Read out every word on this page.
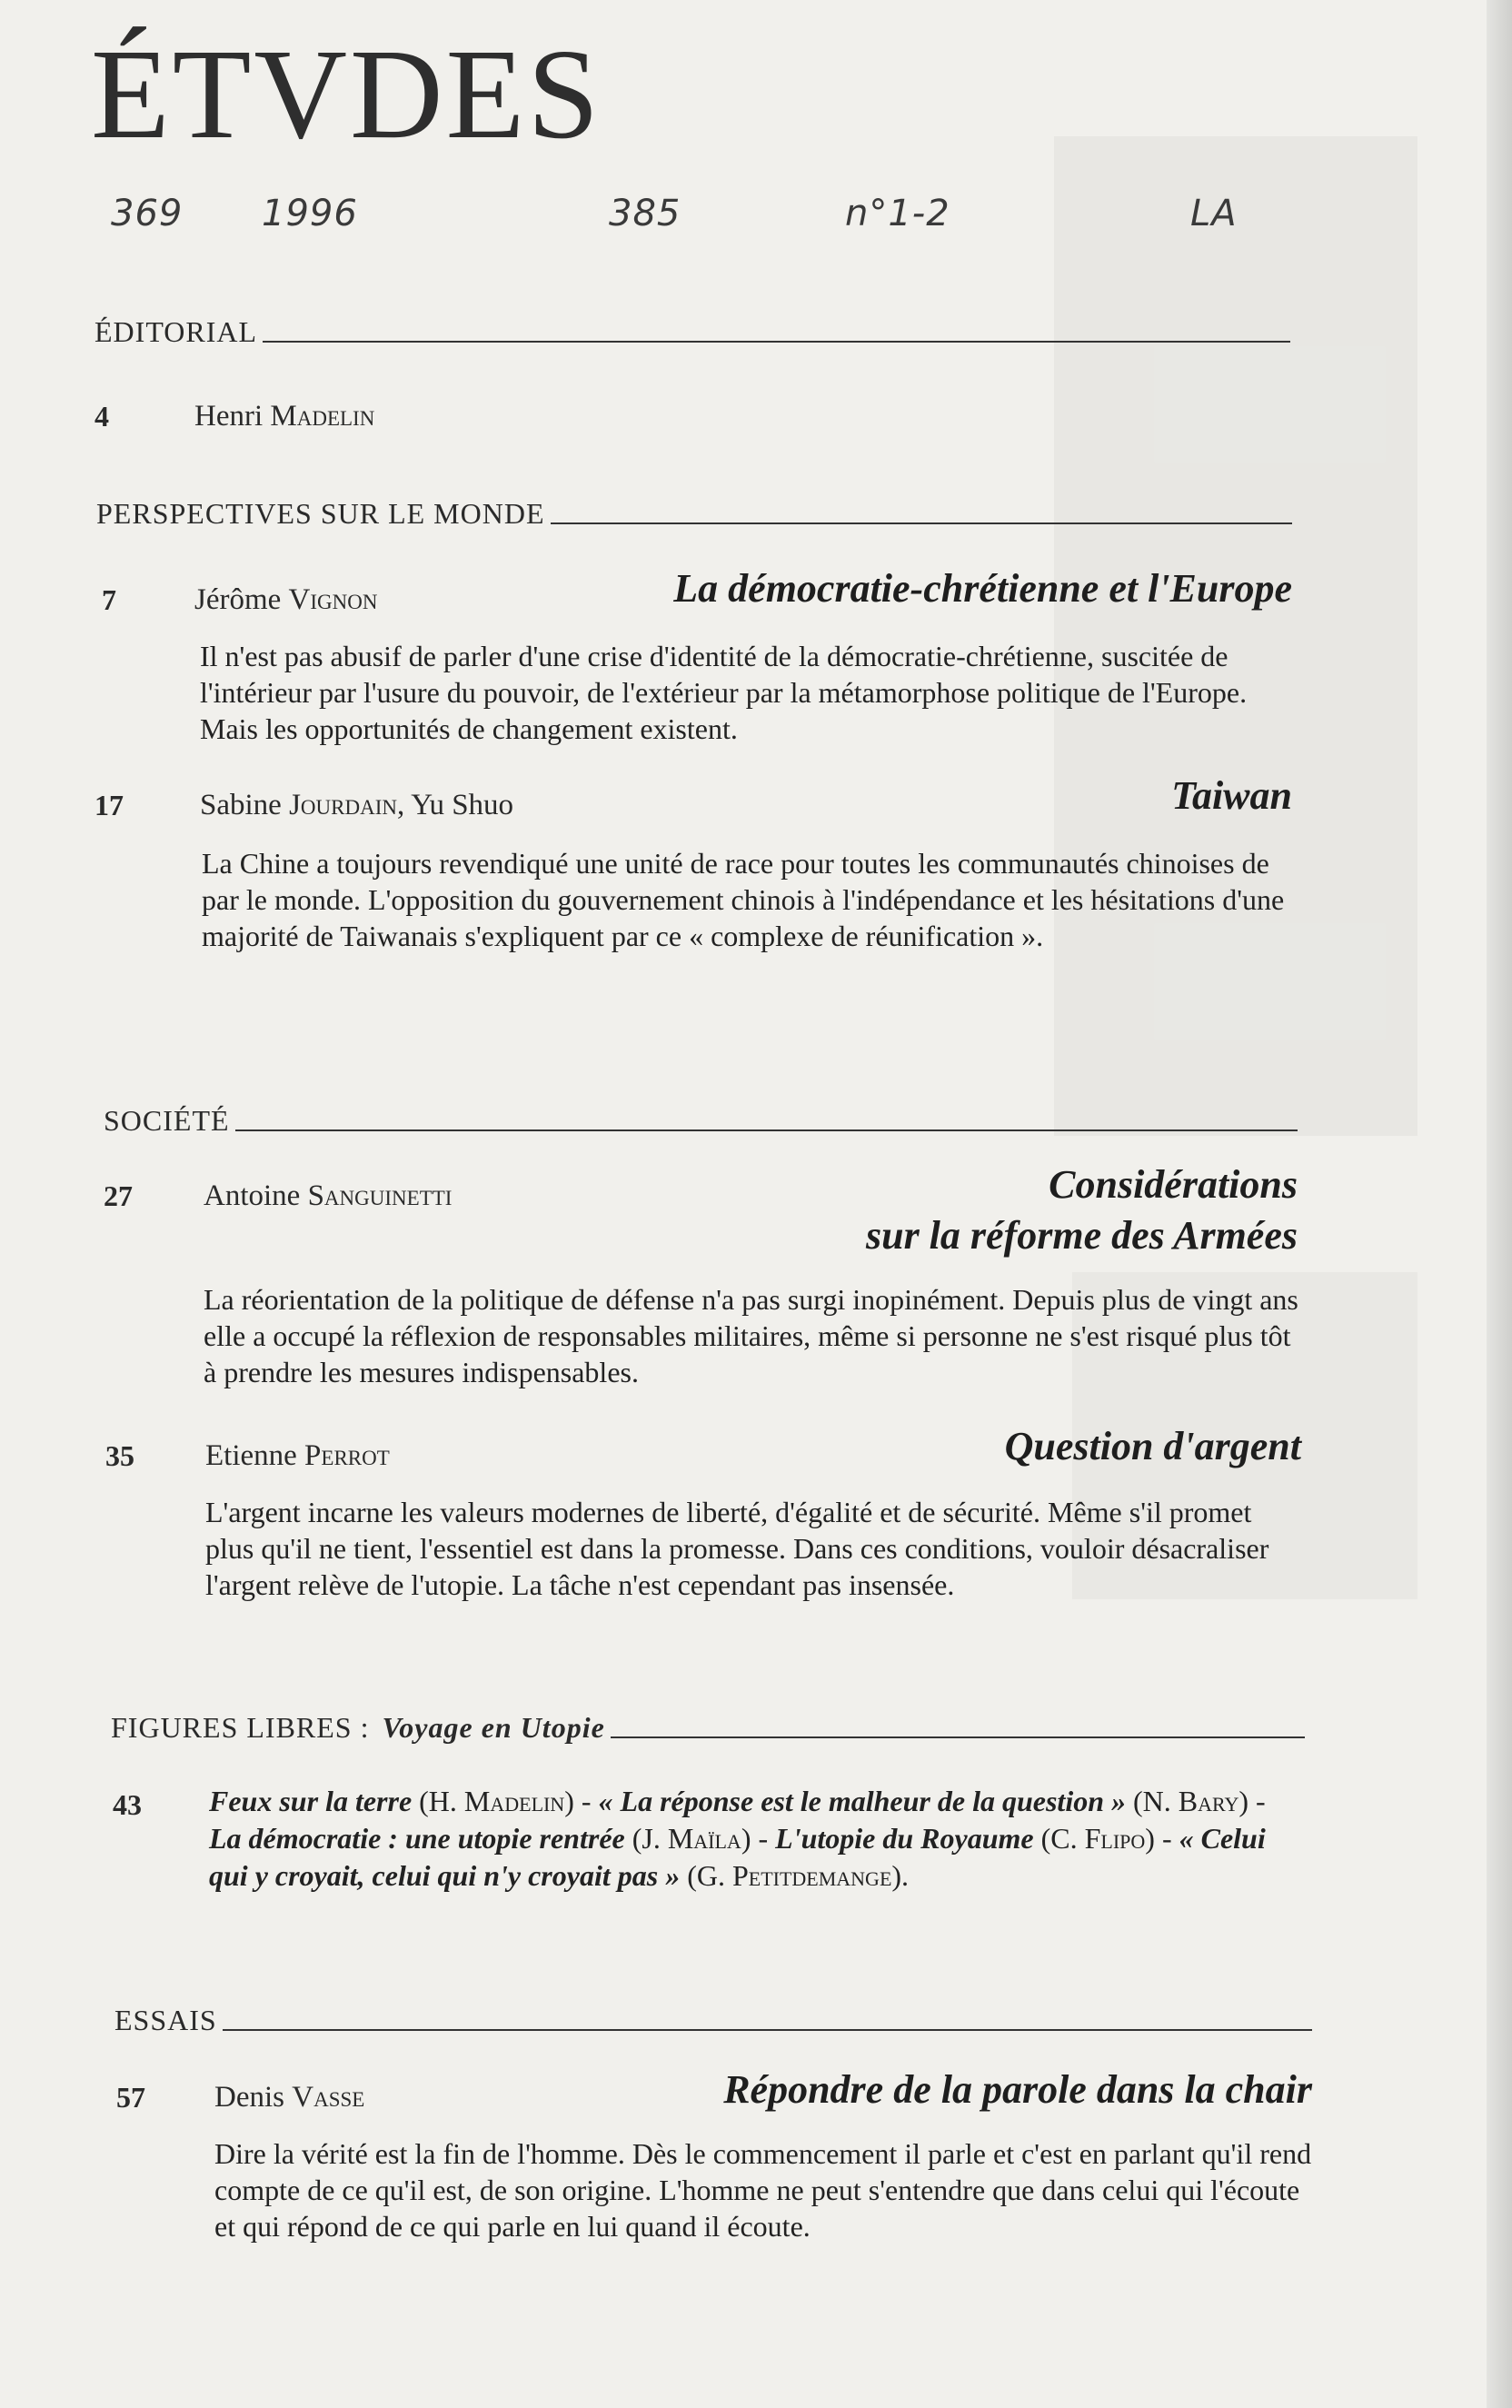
ÉTVDES
369 1996	385	n°1-2	LA
ÉDITORIAL
4	Henri Madelin
PERSPECTIVES SUR LE MONDE
7	Jérôme Vignon	La démocratie-chrétienne et l'Europe

Il n'est pas abusif de parler d'une crise d'identité de la démocratie-chrétienne, suscitée de l'intérieur par l'usure du pouvoir, de l'extérieur par la métamorphose politique de l'Europe. Mais les opportunités de changement existent.

17	Sabine Jourdain, Yu Shuo	Taiwan

La Chine a toujours revendiqué une unité de race pour toutes les communautés chinoises de par le monde. L'opposition du gouvernement chinois à l'indépendance et les hésitations d'une majorité de Taiwanais s'expliquent par ce « complexe de réunification ».

SOCIÉTÉ
27 Antoine Sanguinetti	Considérations
sur la réforme des Armées

La réorientation de la politique de défense n'a pas surgi inopinément. Depuis plus de vingt ans elle a occupé la réflexion de responsables militaires, même si personne ne s'est risqué plus tôt à prendre les mesures indispensables.

35 Etienne Perrot	Question d'argent

L'argent incarne les valeurs modernes de liberté, d'égalité et de sécurité. Même s'il promet plus qu'il ne tient, l'essentiel est dans la promesse. Dans ces conditions, vouloir désacraliser l'argent relève de l'utopie. La tâche n'est cependant pas insensée.

FIGURES LIBRES : Voyage en Utopie
43 Feux sur la terre (H. Madelin) - « La réponse est le malheur de la question » (N. Bary) - La démocratie : une utopie rentrée (J. Maïla) - L'utopie du Royaume (C. Flipo) - « Celui qui y croyait, celui qui n'y croyait pas » (G. Petitdemange).
ESSAIS
57 Denis Vasse	Répondre de la parole dans la chair

Dire la vérité est la fin de l'homme. Dès le commencement il parle et c'est en parlant qu'il rend compte de ce qu'il est, de son origine. L'homme ne peut s'entendre que dans celui qui l'écoute et qui répond de ce qui parle en lui quand il écoute.
